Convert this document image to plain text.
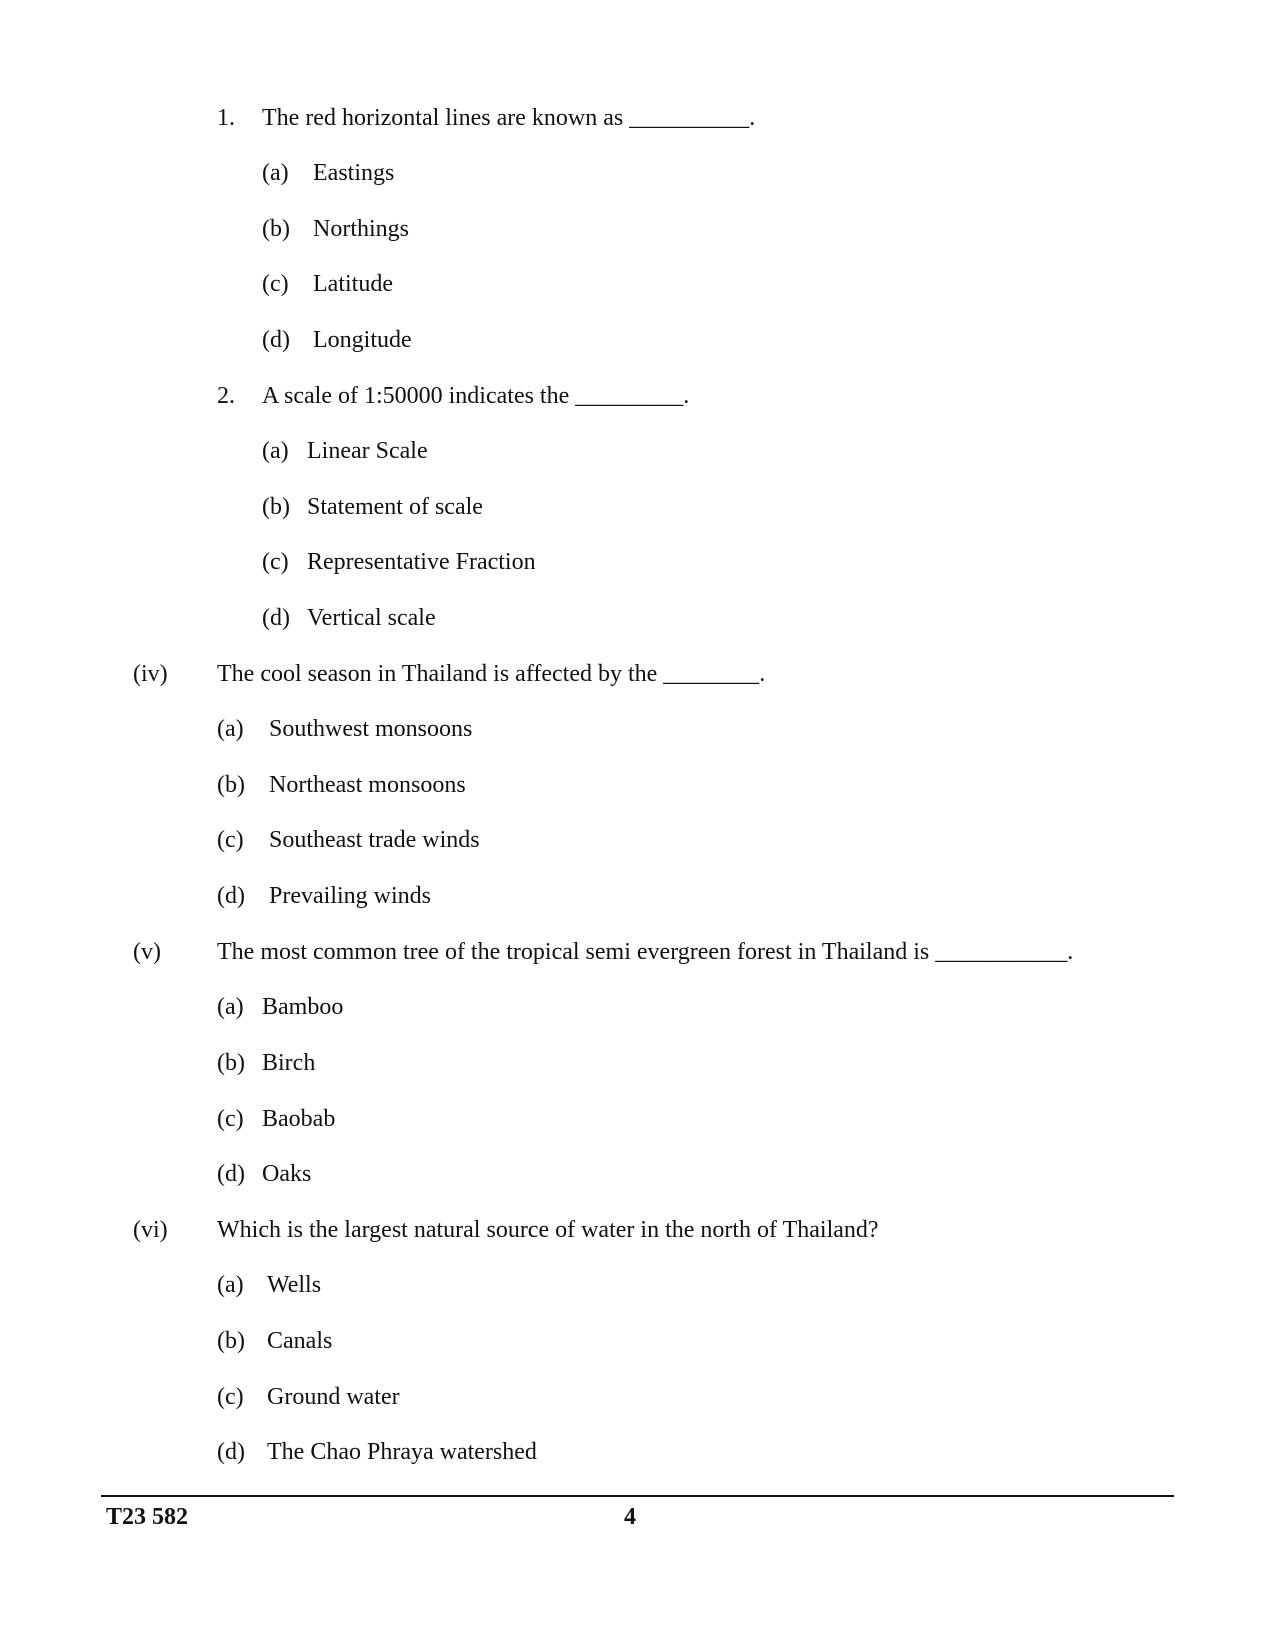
1. The red horizontal lines are known as __________.
(a) Eastings
(b) Northings
(c) Latitude
(d) Longitude
2. A scale of 1:50000 indicates the _________.
(a) Linear Scale
(b) Statement of scale
(c) Representative Fraction
(d) Vertical scale
(iv) The cool season in Thailand is affected by the ________.
(a) Southwest monsoons
(b) Northeast monsoons
(c) Southeast trade winds
(d) Prevailing winds
(v) The most common tree of the tropical semi evergreen forest in Thailand is ___________.
(a) Bamboo
(b) Birch
(c) Baobab
(d) Oaks
(vi) Which is the largest natural source of water in the north of Thailand?
(a) Wells
(b) Canals
(c) Ground water
(d) The Chao Phraya watershed
T23 582	4
